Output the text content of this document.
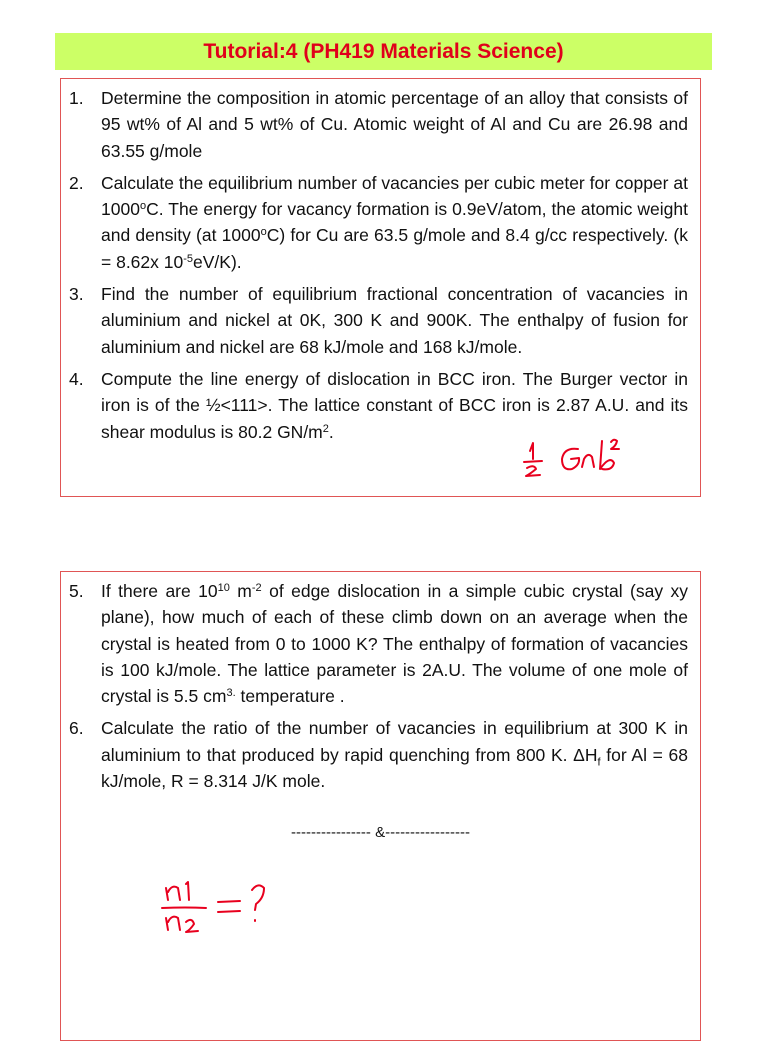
Tutorial:4 (PH419 Materials Science)
1. Determine the composition in atomic percentage of an alloy that consists of 95 wt% of Al and 5 wt% of Cu. Atomic weight of Al and Cu are 26.98 and 63.55 g/mole
2. Calculate the equilibrium number of vacancies per cubic meter for copper at 1000$^o$C. The energy for vacancy formation is 0.9eV/atom, the atomic weight and density (at 1000$^o$C) for Cu are 63.5 g/mole and 8.4 g/cc respectively. (k = 8.62x $10^{-5}eV/K$).
3. Find the number of equilibrium fractional concentration of vacancies in aluminium and nickel at 0K, 300 K and 900K. The enthalpy of fusion for aluminium and nickel are 68 kJ/mole and 168 kJ/mole.
4. Compute the line energy of dislocation in BCC iron. The Burger vector in iron is of the ½<111>. The lattice constant of BCC iron is 2.87 A.U. and its shear modulus is 80.2 $GN/m^2$.
5. If there are $10^{10}$ $m^{-2}$ of edge dislocation in a simple cubic crystal (say xy plane), how much of each of these climb down on an average when the crystal is heated from 0 to 1000 K? The enthalpy of formation of vacancies is 100 kJ/mole. The lattice parameter is 2A.U. The volume of one mole of crystal is 5.5 $cm^{3.}$ temperature .
6. Calculate the ratio of the number of vacancies in equilibrium at 300 K in aluminium to that produced by rapid quenching from 800 K. $\Delta H_f$ for Al = 68 kJ/mole, R = 8.314 J/K mole.
---------------- &-----------------
